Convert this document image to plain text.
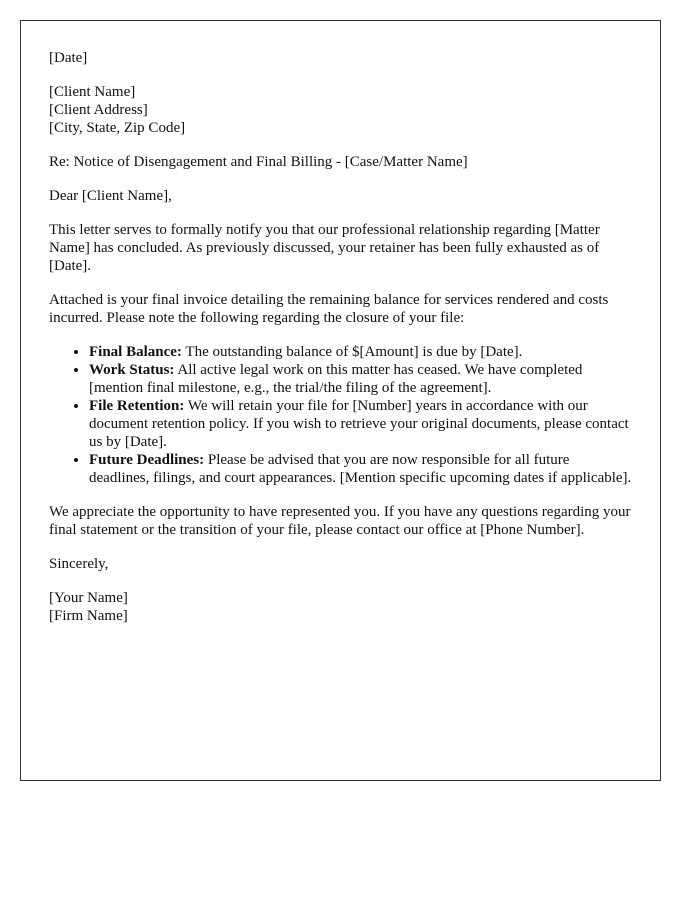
[Date]

[Client Name]
[Client Address]
[City, State, Zip Code]

Re: Notice of Disengagement and Final Billing - [Case/Matter Name]

Dear [Client Name],

This letter serves to formally notify you that our professional relationship regarding [Matter Name] has concluded. As previously discussed, your retainer has been fully exhausted as of [Date].

Attached is your final invoice detailing the remaining balance for services rendered and costs incurred. Please note the following regarding the closure of your file:

• Final Balance: The outstanding balance of $[Amount] is due by [Date].
• Work Status: All active legal work on this matter has ceased. We have completed [mention final milestone, e.g., the trial/the filing of the agreement].
• File Retention: We will retain your file for [Number] years in accordance with our document retention policy. If you wish to retrieve your original documents, please contact us by [Date].
• Future Deadlines: Please be advised that you are now responsible for all future deadlines, filings, and court appearances. [Mention specific upcoming dates if applicable].

We appreciate the opportunity to have represented you. If you have any questions regarding your final statement or the transition of your file, please contact our office at [Phone Number].

Sincerely,

[Your Name]
[Firm Name]
